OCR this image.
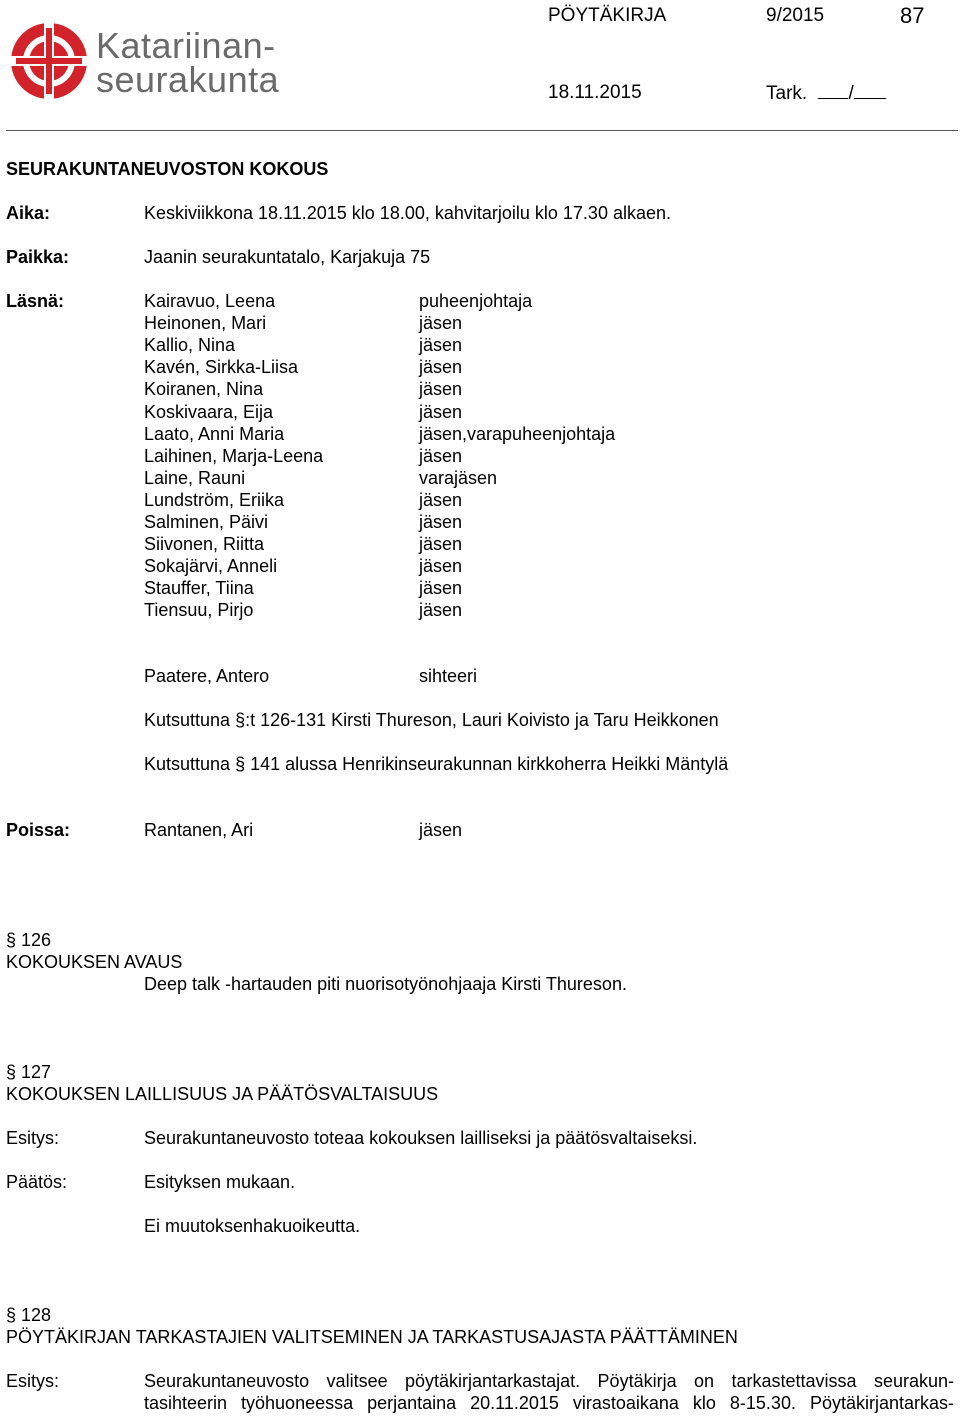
Katariinan-
seurakunta
PÖYTÄKIRJA	9/2015	87
18.11.2015	Tark. /
SEURAKUNTANEUVOSTON KOKOUS
Aika:	Keskiviikkona 18.11.2015 klo 18.00, kahvitarjoilu klo 17.30 alkaen.
Paikka:	Jaanin seurakuntatalo, Karjakuja 75
Läsnä:	Kairavuo, Leena	puheenjohtaja
Heinonen, Mari	jäsen
Kallio, Nina	jäsen
Kavén, Sirkka-Liisa	jäsen
Koiranen, Nina	jäsen
Koskivaara, Eija	jäsen
Laato, Anni Maria	jäsen,varapuheenjohtaja
Laihinen, Marja-Leena	jäsen
Laine, Rauni	varajäsen
Lundström, Eriika	jäsen
Salminen, Päivi	jäsen
Siivonen, Riitta	jäsen
Sokajärvi, Anneli	jäsen
Stauffer, Tiina	jäsen
Tiensuu, Pirjo	jäsen
Paatere, Antero	sihteeri
Kutsuttuna §:t 126-131 Kirsti Thureson, Lauri Koivisto ja Taru Heikkonen
Kutsuttuna § 141 alussa Henrikinseurakunnan kirkkoherra Heikki Mäntylä
Poissa:	Rantanen, Ari	jäsen
§ 126
KOKOUKSEN AVAUS
Deep talk -hartauden piti nuorisotyönohjaaja Kirsti Thureson.
§ 127
KOKOUKSEN LAILLISUUS JA PÄÄTÖSVALTAISUUS
Esitys:	Seurakuntaneuvosto toteaa kokouksen lailliseksi ja päätösvaltaiseksi.
Päätös:	Esityksen mukaan.
Ei muutoksenhakuoikeutta.
§ 128
PÖYTÄKIRJAN TARKASTAJIEN VALITSEMINEN JA TARKASTUSAJASTA PÄÄTTÄMINEN
Esitys:	Seurakuntaneuvosto valitsee pöytäkirjantarkastajat. Pöytäkirja on tarkastettavissa seurakun-
tasihteerin työhuoneessa perjantaina 20.11.2015 virastoaikana klo 8-15.30. Pöytäkirjantarkas-
